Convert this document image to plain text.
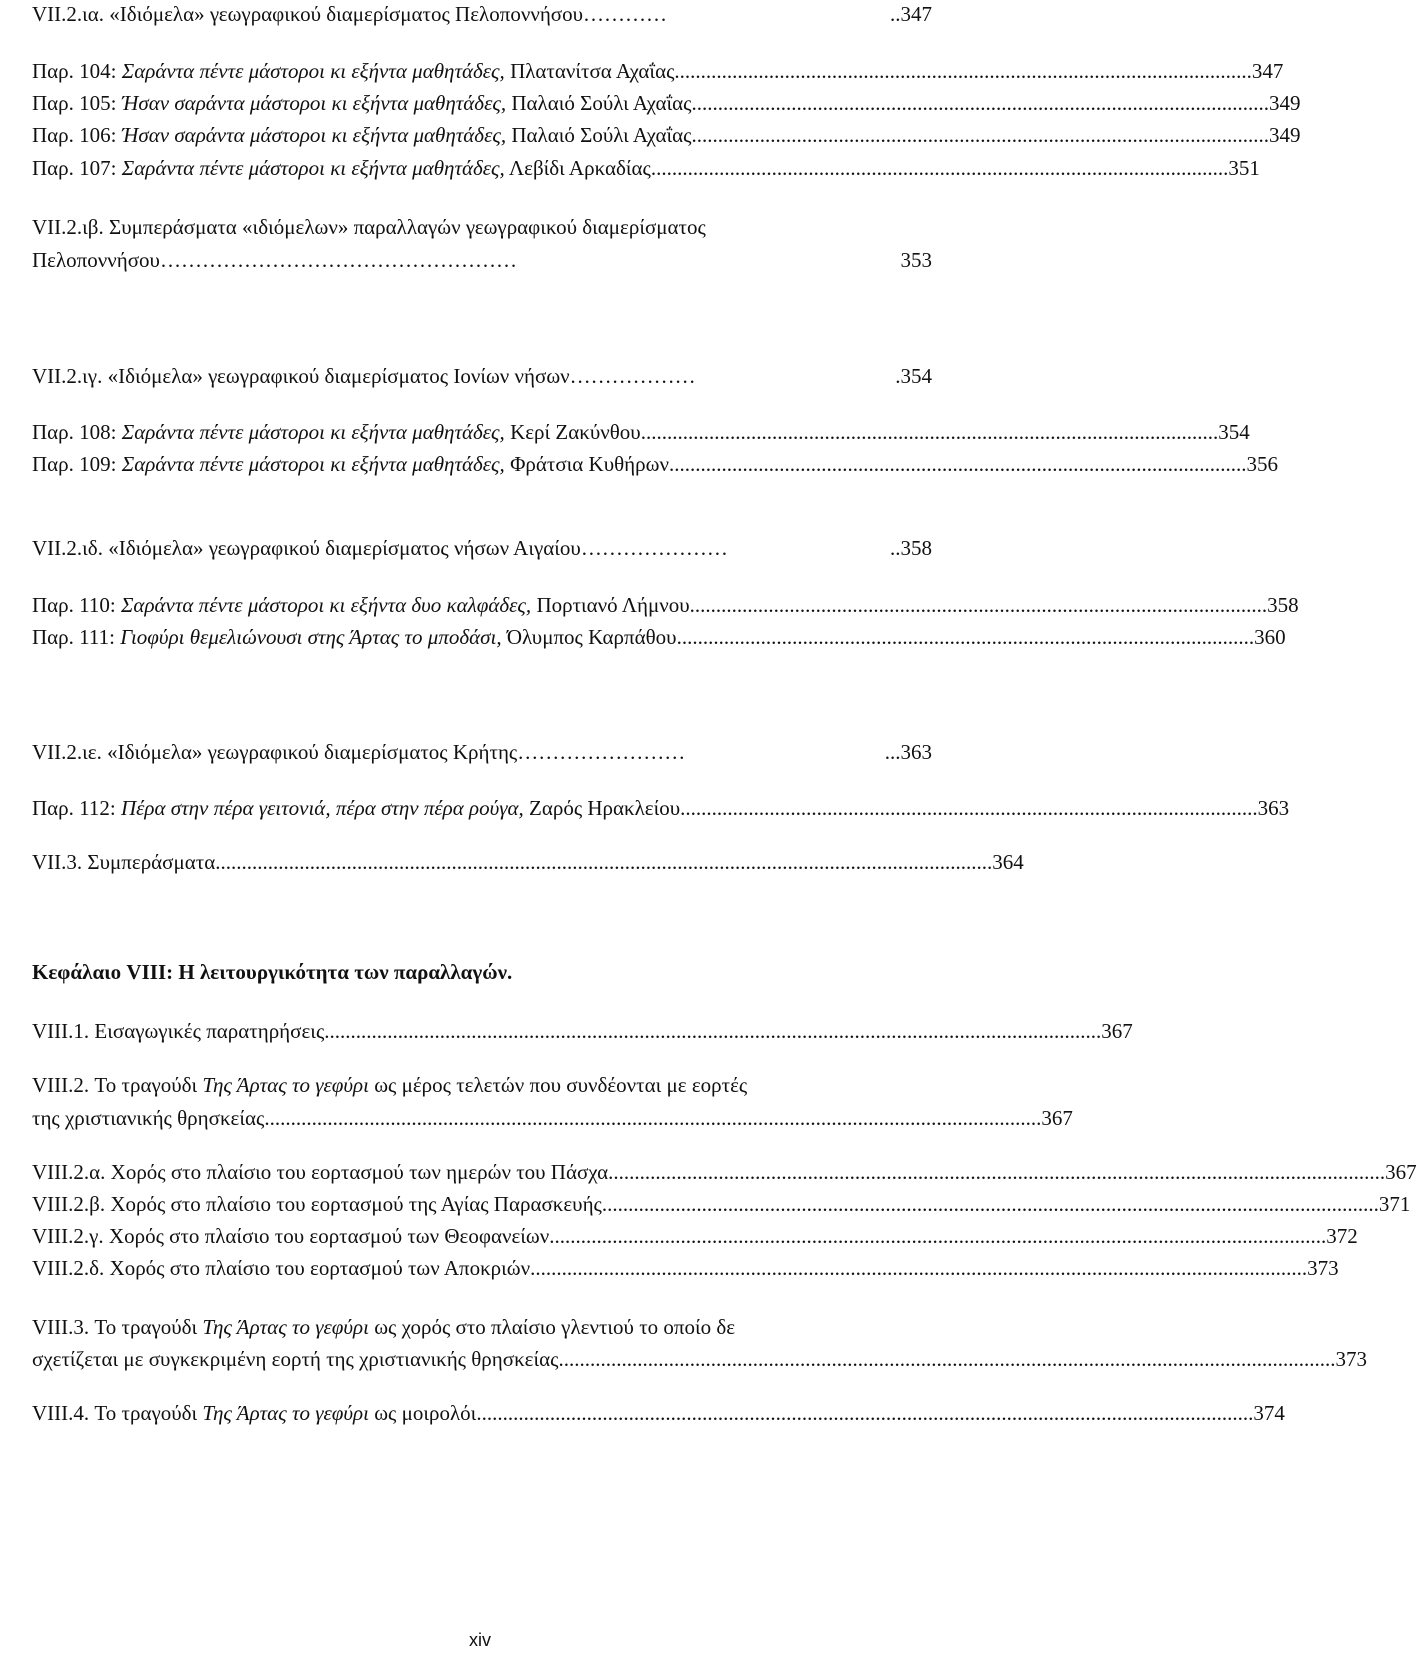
VII.2.ια. «Ιδιόμελα» γεωγραφικού διαμερίσματος Πελοποννήσου …………	..347
Παρ. 104: Σαράντα πέντε μάστοροι κι εξήντα μαθητάδες, Πλατανίτσα Αχαΐας .............................................................................................................. 347
Παρ. 105: Ήσαν σαράντα μάστοροι κι εξήντα μαθητάδες, Παλαιό Σούλι Αχαΐας .............................................................................................................. 349
Παρ. 106: Ήσαν σαράντα μάστοροι κι εξήντα μαθητάδες, Παλαιό Σούλι Αχαΐας .............................................................................................................. 349
Παρ. 107: Σαράντα πέντε μάστοροι κι εξήντα μαθητάδες, Λεβίδι Αρκαδίας .............................................................................................................. 351
VII.2.ιβ. Συμπεράσματα «ιδιόμελων» παραλλαγών γεωγραφικού διαμερίσματος
Πελοποννήσου ……………………………………………	353
VII.2.ιγ. «Ιδιόμελα» γεωγραφικού διαμερίσματος Ιονίων νήσων ………………	.354
Παρ. 108: Σαράντα πέντε μάστοροι κι εξήντα μαθητάδες, Κερί Ζακύνθου .............................................................................................................. 354
Παρ. 109: Σαράντα πέντε μάστοροι κι εξήντα μαθητάδες, Φράτσια Κυθήρων .............................................................................................................. 356
VII.2.ιδ. «Ιδιόμελα» γεωγραφικού διαμερίσματος νήσων Αιγαίου …………………	..358
Παρ. 110: Σαράντα πέντε μάστοροι κι εξήντα δυο καλφάδες, Πορτιανό Λήμνου .............................................................................................................. 358
Παρ. 111: Γιοφύρι θεμελιώνουσι στης Άρτας το μποδάσι, Όλυμπος Καρπάθου .............................................................................................................. 360
VII.2.ιε. «Ιδιόμελα» γεωγραφικού διαμερίσματος Κρήτης ……………………	...363
Παρ. 112: Πέρα στην πέρα γειτονιά, πέρα στην πέρα ρούγα, Ζαρός Ηρακλείου .............................................................................................................. 363
VII.3. Συμπεράσματα .................................................................................................................................................... 364
Κεφάλαιο VIII: Η λειτουργικότητα των παραλλαγών.
VIII.1. Εισαγωγικές παρατηρήσεις .................................................................................................................................................... 367
VIII.2. Το τραγούδι Της Άρτας το γεφύρι ως μέρος τελετών που συνδέονται με εορτές
της χριστιανικής θρησκείας .................................................................................................................................................... 367
VIII.2.α. Χορός στο πλαίσιο του εορτασμού των ημερών του Πάσχα .................................................................................................................................................... 367
VIII.2.β. Χορός στο πλαίσιο του εορτασμού της Αγίας Παρασκευής .................................................................................................................................................... 371
VIII.2.γ. Χορός στο πλαίσιο του εορτασμού των Θεοφανείων .................................................................................................................................................... 372
VIII.2.δ. Χορός στο πλαίσιο του εορτασμού των Αποκριών .................................................................................................................................................... 373
VIII.3. Το τραγούδι Της Άρτας το γεφύρι ως χορός στο πλαίσιο γλεντιού το οποίο δε
σχετίζεται με συγκεκριμένη εορτή της χριστιανικής θρησκείας .................................................................................................................................................... 373
VIII.4. Το τραγούδι Της Άρτας το γεφύρι ως μοιρολόι .................................................................................................................................................... 374
xiv
